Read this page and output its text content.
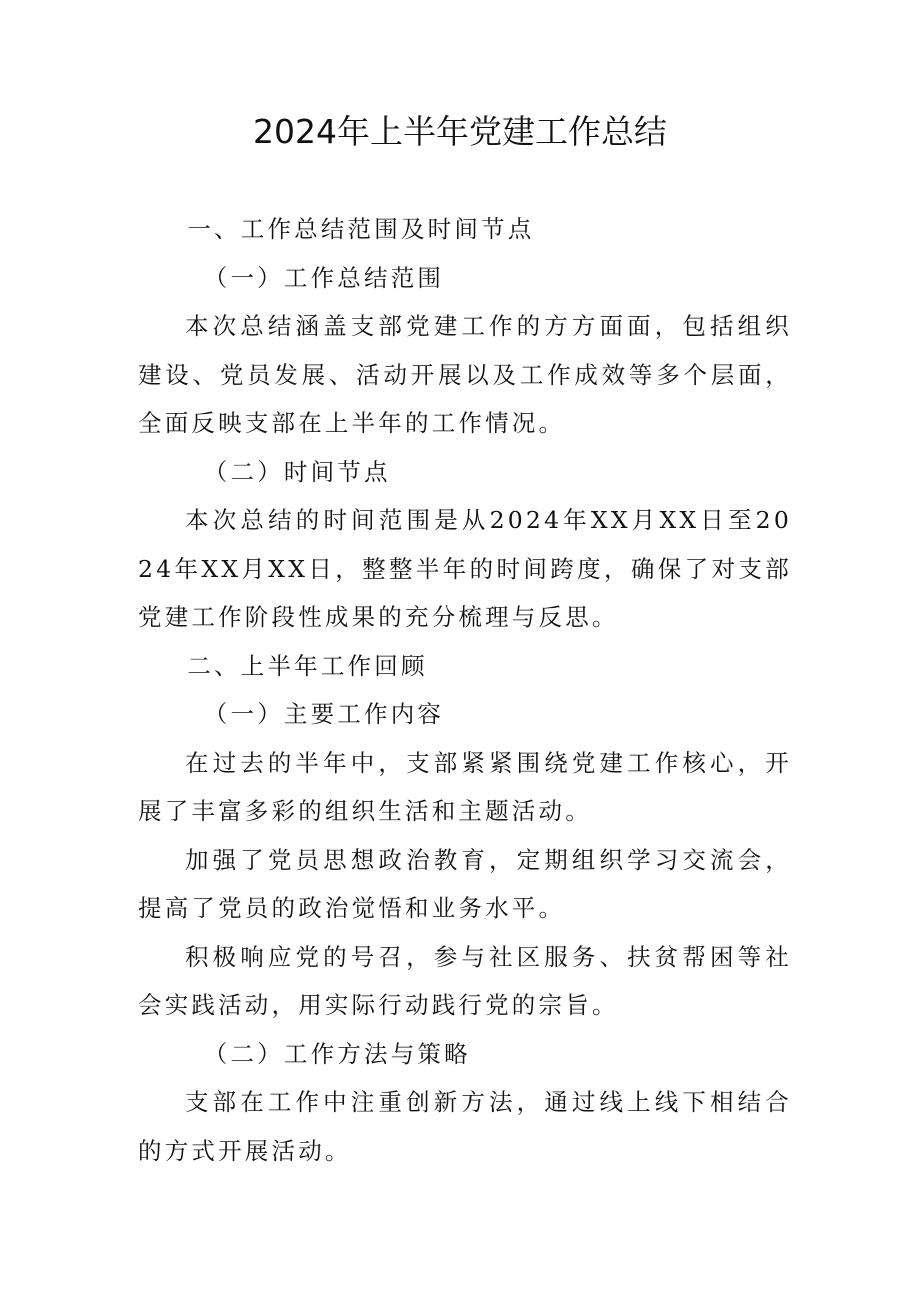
2024年上半年党建工作总结

一、工作总结范围及时间节点

（一）工作总结范围

本次总结涵盖支部党建工作的方方面面，包括组织建设、党员发展、活动开展以及工作成效等多个层面，全面反映支部在上半年的工作情况。

（二）时间节点

本次总结的时间范围是从2024年XX月XX日至2024年XX月XX日，整整半年的时间跨度，确保了对支部党建工作阶段性成果的充分梳理与反思。

二、上半年工作回顾

（一）主要工作内容

在过去的半年中，支部紧紧围绕党建工作核心，开展了丰富多彩的组织生活和主题活动。

加强了党员思想政治教育，定期组织学习交流会，提高了党员的政治觉悟和业务水平。

积极响应党的号召，参与社区服务、扶贫帮困等社会实践活动，用实际行动践行党的宗旨。

（二）工作方法与策略

支部在工作中注重创新方法，通过线上线下相结合的方式开展活动。
